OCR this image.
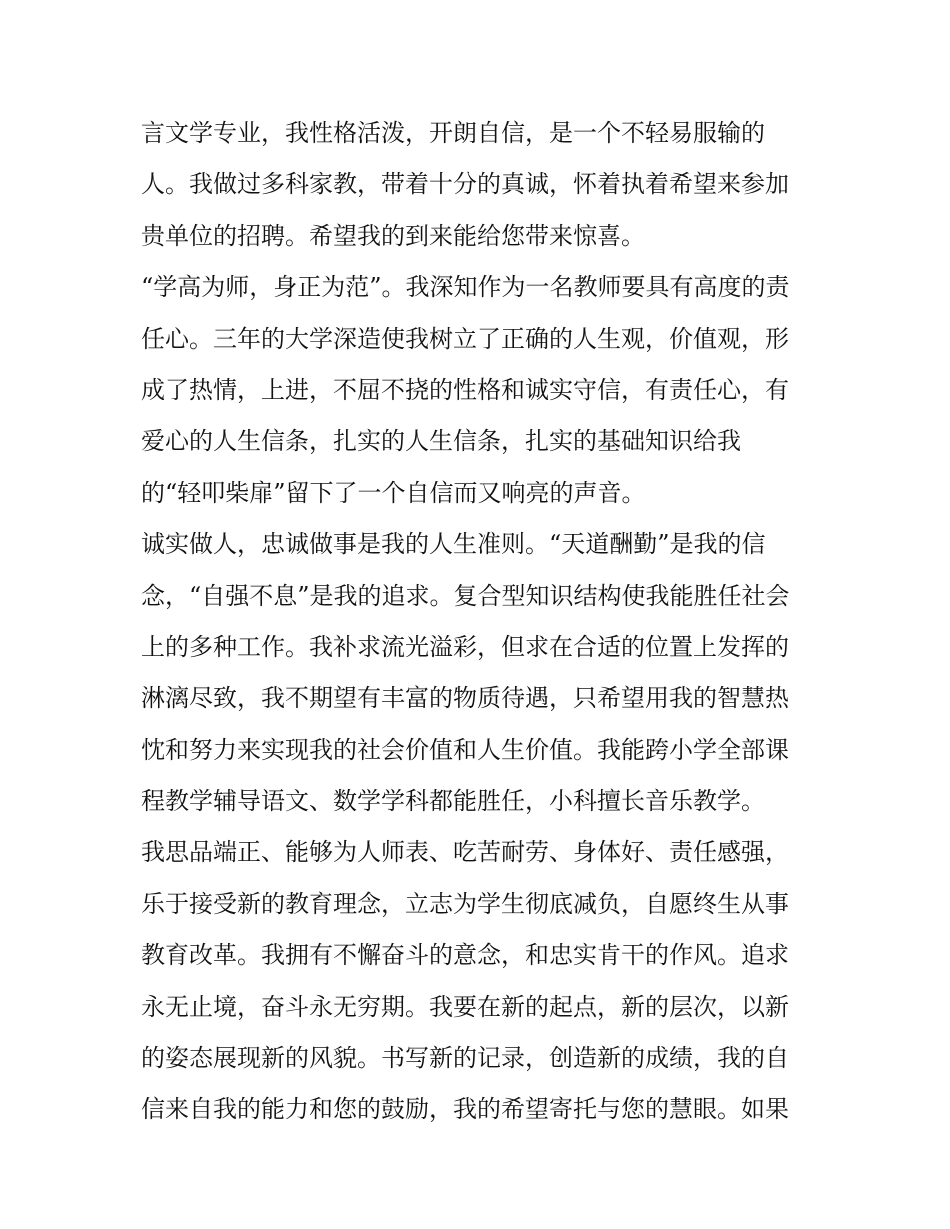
言文学专业，我性格活泼，开朗自信，是一个不轻易服输的
人。我做过多科家教，带着十分的真诚，怀着执着希望来参加
贵单位的招聘。希望我的到来能给您带来惊喜。
“学高为师，身正为范”。我深知作为一名教师要具有高度的责
任心。三年的大学深造使我树立了正确的人生观，价值观，形
成了热情，上进，不屈不挠的性格和诚实守信，有责任心，有
爱心的人生信条，扎实的人生信条，扎实的基础知识给我
的“轻叩柴扉”留下了一个自信而又响亮的声音。
诚实做人，忠诚做事是我的人生准则。“天道酬勤”是我的信
念，“自强不息”是我的追求。复合型知识结构使我能胜任社会
上的多种工作。我补求流光溢彩，但求在合适的位置上发挥的
淋漓尽致，我不期望有丰富的物质待遇，只希望用我的智慧热
忱和努力来实现我的社会价值和人生价值。我能跨小学全部课
程教学辅导语文、数学学科都能胜任，小科擅长音乐教学。
我思品端正、能够为人师表、吃苦耐劳、身体好、责任感强，
乐于接受新的教育理念，立志为学生彻底减负，自愿终生从事
教育改革。我拥有不懈奋斗的意念，和忠实肯干的作风。追求
永无止境，奋斗永无穷期。我要在新的起点，新的层次，以新
的姿态展现新的风貌。书写新的记录，创造新的成绩，我的自
信来自我的能力和您的鼓励，我的希望寄托与您的慧眼。如果
